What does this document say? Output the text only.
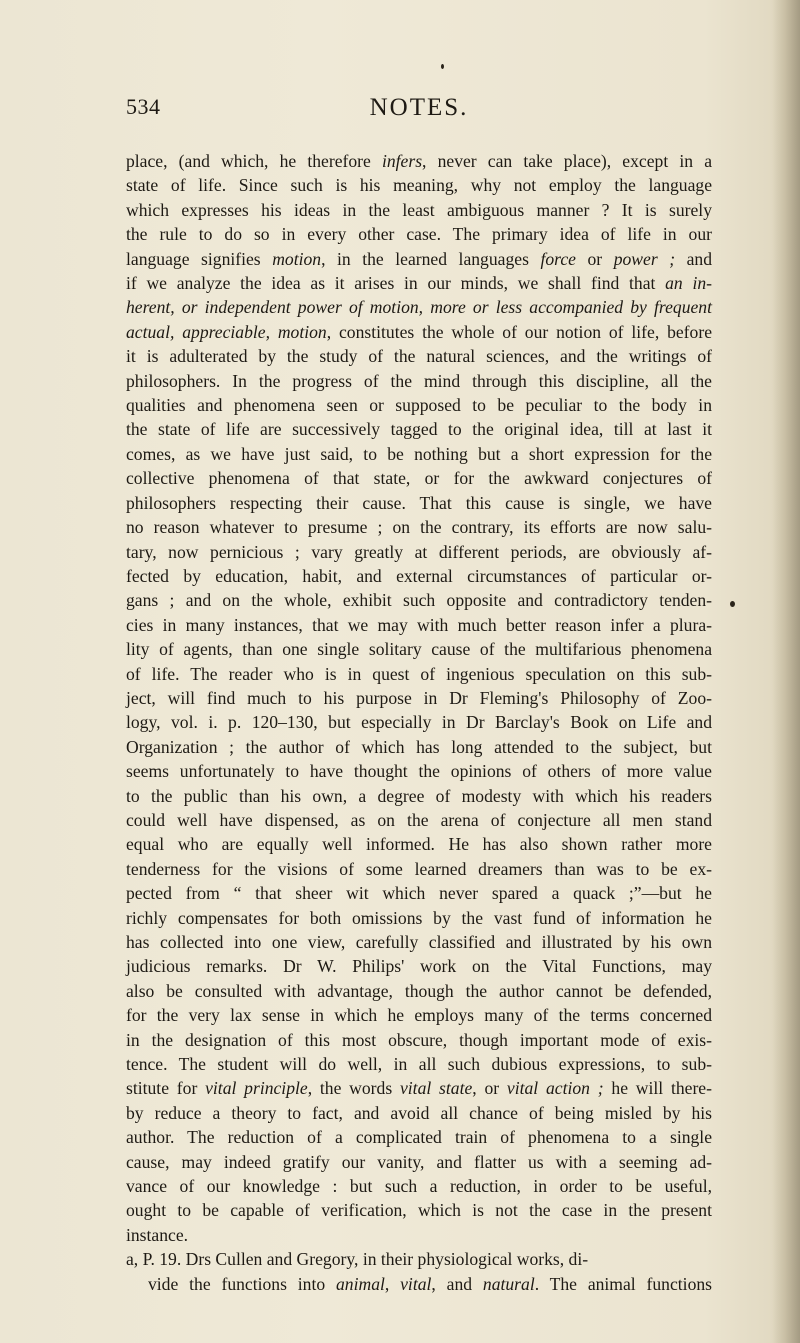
534	NOTES.
place, (and which, he therefore infers, never can take place), except in a
state of life. Since such is his meaning, why not employ the language
which expresses his ideas in the least ambiguous manner ? It is surely
the rule to do so in every other case. The primary idea of life in our
language signifies motion, in the learned languages force or power ; and
if we analyze the idea as it arises in our minds, we shall find that an in-
herent, or independent power of motion, more or less accompanied by frequent
actual, appreciable, motion, constitutes the whole of our notion of life, before
it is adulterated by the study of the natural sciences, and the writings of
philosophers. In the progress of the mind through this discipline, all the
qualities and phenomena seen or supposed to be peculiar to the body in
the state of life are successively tagged to the original idea, till at last it
comes, as we have just said, to be nothing but a short expression for the
collective phenomena of that state, or for the awkward conjectures of
philosophers respecting their cause. That this cause is single, we have
no reason whatever to presume ; on the contrary, its efforts are now salu-
tary, now pernicious ; vary greatly at different periods, are obviously af-
fected by education, habit, and external circumstances of particular or-
gans ; and on the whole, exhibit such opposite and contradictory tenden-
cies in many instances, that we may with much better reason infer a plura-
lity of agents, than one single solitary cause of the multifarious phenomena
of life. The reader who is in quest of ingenious speculation on this sub-
ject, will find much to his purpose in Dr Fleming's Philosophy of Zoo-
logy, vol. i. p. 120–130, but especially in Dr Barclay's Book on Life and
Organization ; the author of which has long attended to the subject, but
seems unfortunately to have thought the opinions of others of more value
to the public than his own, a degree of modesty with which his readers
could well have dispensed, as on the arena of conjecture all men stand
equal who are equally well informed. He has also shown rather more
tenderness for the visions of some learned dreamers than was to be ex-
pected from “ that sheer wit which never spared a quack ;”—but he
richly compensates for both omissions by the vast fund of information he
has collected into one view, carefully classified and illustrated by his own
judicious remarks. Dr W. Philips' work on the Vital Functions, may
also be consulted with advantage, though the author cannot be defended,
for the very lax sense in which he employs many of the terms concerned
in the designation of this most obscure, though important mode of exis-
tence. The student will do well, in all such dubious expressions, to sub-
stitute for vital principle, the words vital state, or vital action ; he will there-
by reduce a theory to fact, and avoid all chance of being misled by his
author. The reduction of a complicated train of phenomena to a single
cause, may indeed gratify our vanity, and flatter us with a seeming ad-
vance of our knowledge : but such a reduction, in order to be useful,
ought to be capable of verification, which is not the case in the present
instance.
a, P. 19. Drs Cullen and Gregory, in their physiological works, di-
vide the functions into animal, vital, and natural. The animal functions
